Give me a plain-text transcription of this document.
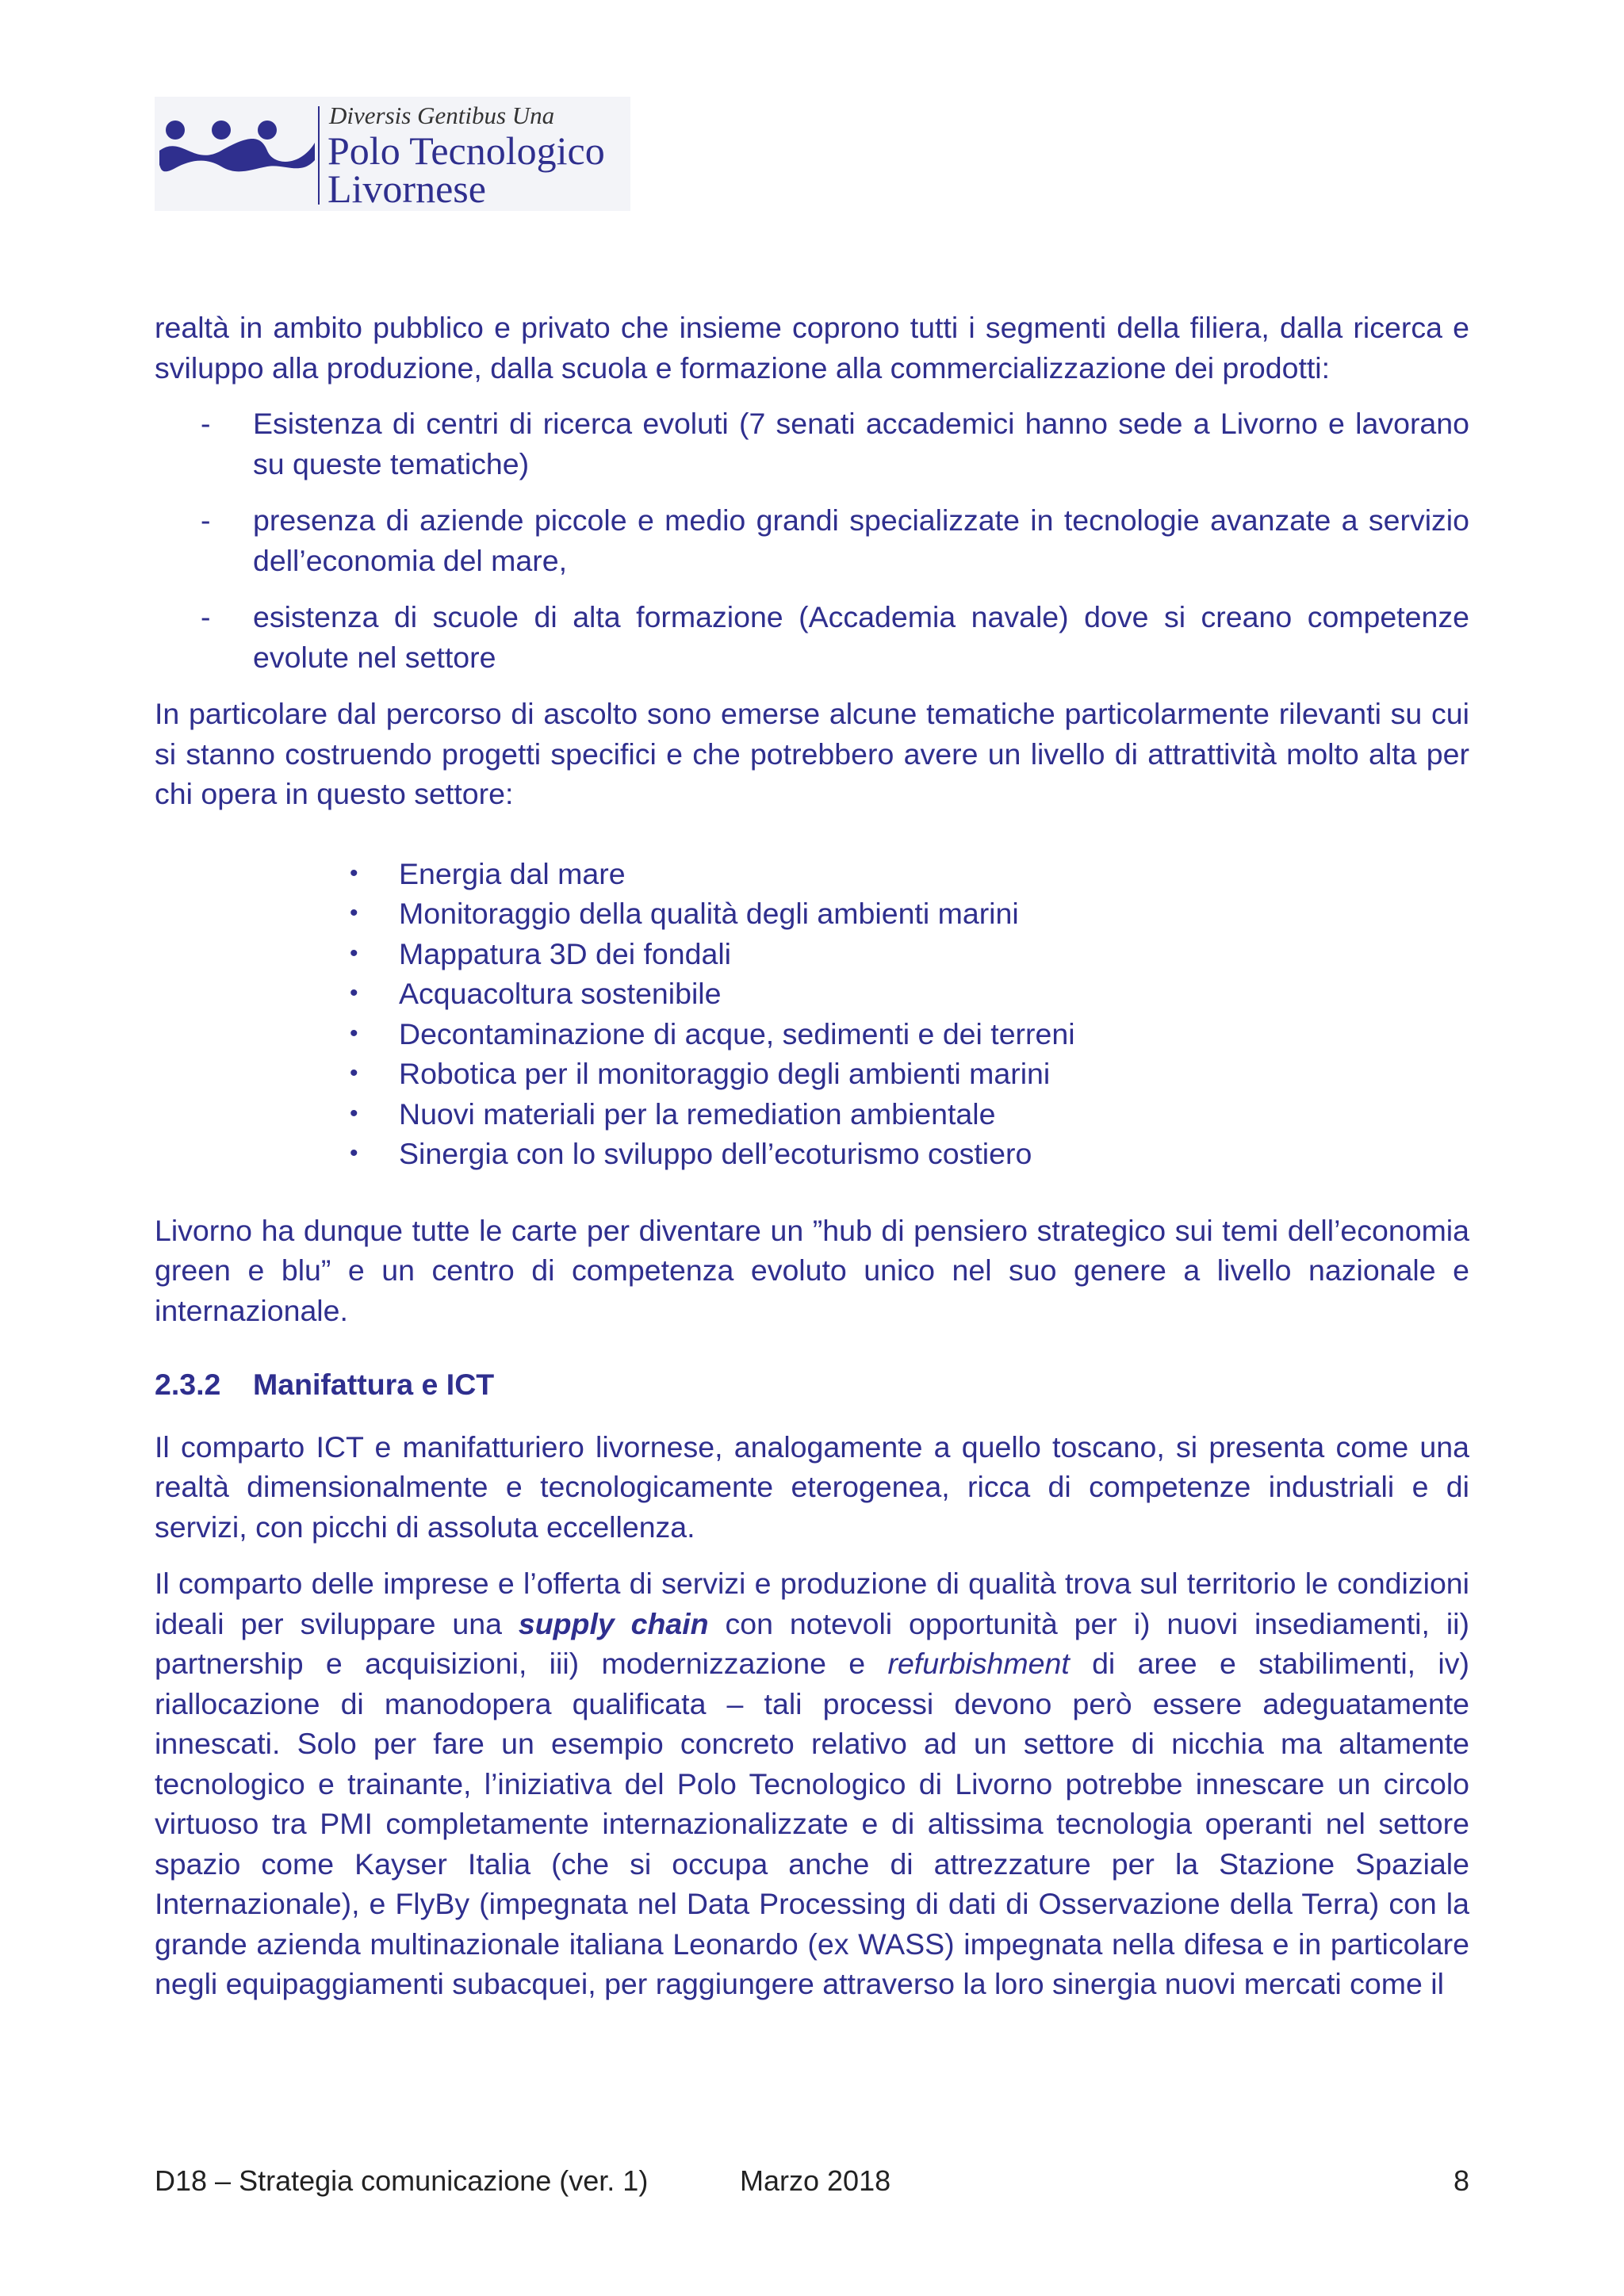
Diversis Gentibus Una
Polo Tecnologico
Livornese

realtà in ambito pubblico e privato che insieme coprono tutti i segmenti della filiera, dalla ricerca e sviluppo alla produzione, dalla scuola e formazione alla commercializzazione dei prodotti:

- Esistenza di centri di ricerca evoluti (7 senati accademici hanno sede a Livorno e lavorano su queste tematiche)
- presenza di aziende piccole e medio grandi specializzate in tecnologie avanzate a servizio dell’economia del mare,
- esistenza di scuole di alta formazione (Accademia navale) dove si creano competenze evolute nel settore

In particolare dal percorso di ascolto sono emerse alcune tematiche particolarmente rilevanti su cui si stanno costruendo progetti specifici e che potrebbero avere un livello di attrattività molto alta per chi opera in questo settore:

• Energia dal mare
• Monitoraggio della qualità degli ambienti marini
• Mappatura 3D dei fondali
• Acquacoltura sostenibile
• Decontaminazione di acque, sedimenti e dei terreni
• Robotica per il monitoraggio degli ambienti marini
• Nuovi materiali per la remediation ambientale
• Sinergia con lo sviluppo dell’ecoturismo costiero

Livorno ha dunque tutte le carte per diventare un ”hub di pensiero strategico sui temi dell’economia green e blu” e un centro di competenza evoluto unico nel suo genere a livello nazionale e internazionale.

2.3.2 Manifattura e ICT

Il comparto ICT e manifatturiero livornese, analogamente a quello toscano, si presenta come una realtà dimensionalmente e tecnologicamente eterogenea, ricca di competenze industriali e di servizi, con picchi di assoluta eccellenza.

Il comparto delle imprese e l’offerta di servizi e produzione di qualità trova sul territorio le condizioni ideali per sviluppare una supply chain con notevoli opportunità per i) nuovi insediamenti, ii) partnership e acquisizioni, iii) modernizzazione e refurbishment di aree e stabilimenti, iv) riallocazione di manodopera qualificata – tali processi devono però essere adeguatamente innescati. Solo per fare un esempio concreto relativo ad un settore di nicchia ma altamente tecnologico e trainante, l’iniziativa del Polo Tecnologico di Livorno potrebbe innescare un circolo virtuoso tra PMI completamente internazionalizzate e di altissima tecnologia operanti nel settore spazio come Kayser Italia (che si occupa anche di attrezzature per la Stazione Spaziale Internazionale), e FlyBy (impegnata nel Data Processing di dati di Osservazione della Terra) con la grande azienda multinazionale italiana Leonardo (ex WASS) impegnata nella difesa e in particolare negli equipaggiamenti subacquei, per raggiungere attraverso la loro sinergia nuovi mercati come il

D18 – Strategia comunicazione (ver. 1)	Marzo 2018	8
